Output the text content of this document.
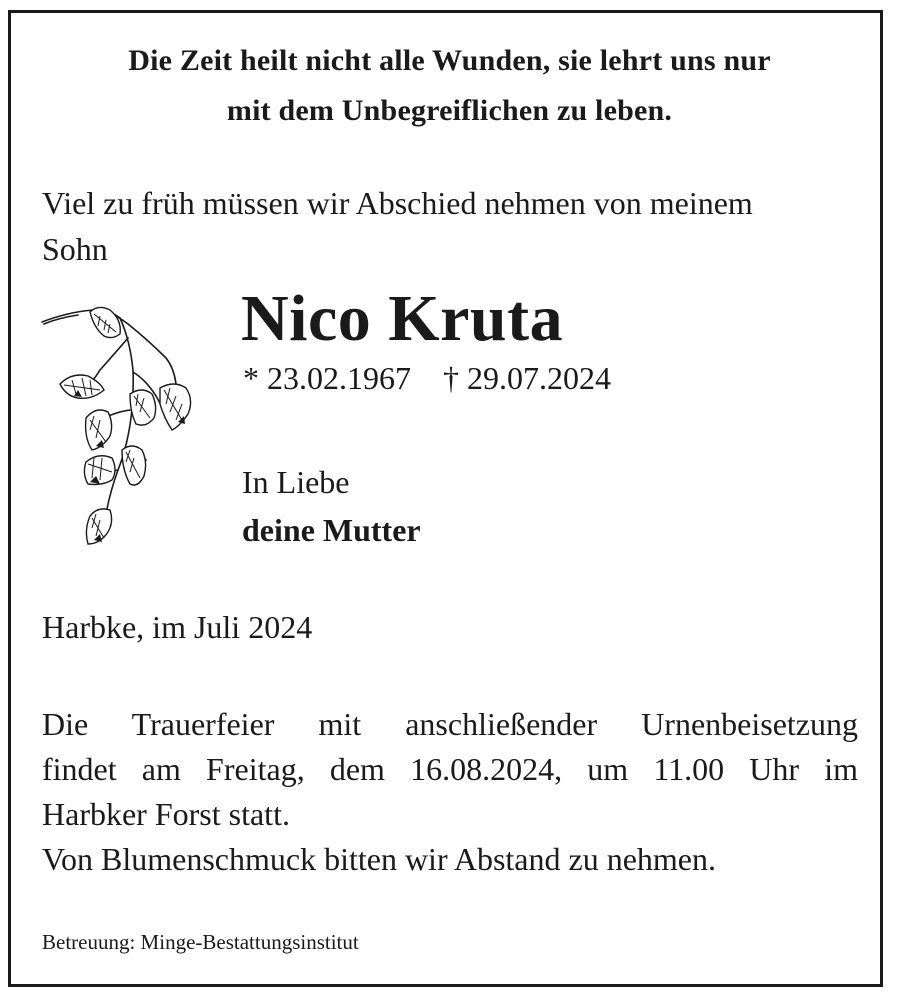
Die Zeit heilt nicht alle Wunden, sie lehrt uns nur
mit dem Unbegreiflichen zu leben.
Viel zu früh müssen wir Abschied nehmen von meinem
Sohn
Nico Kruta
* 23.02.1967 † 29.07.2024
In Liebe
deine Mutter
Harbke, im Juli 2024
Die Trauerfeier mit anschließender Urnenbeisetzung
findet am Freitag, dem 16.08.2024, um 11.00 Uhr im
Harbker Forst statt.
Von Blumenschmuck bitten wir Abstand zu nehmen.
Betreuung: Minge-Bestattungsinstitut
